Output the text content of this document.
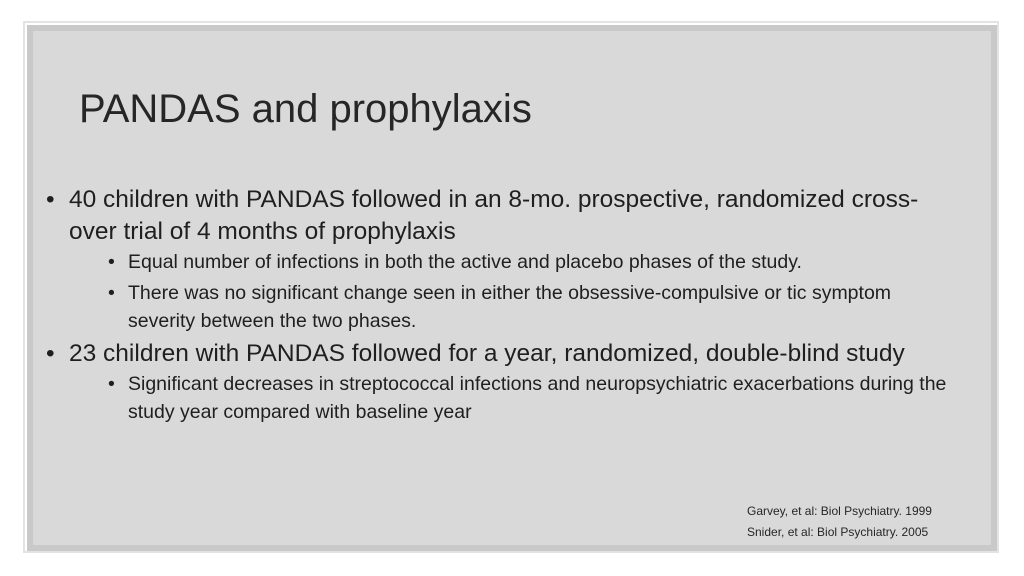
PANDAS and prophylaxis
• 40 children with PANDAS followed in an 8-mo. prospective, randomized cross-over trial of 4 months of prophylaxis
• Equal number of infections in both the active and placebo phases of the study.
• There was no significant change seen in either the obsessive-compulsive or tic symptom severity between the two phases.
• 23 children with PANDAS followed for a year, randomized, double-blind study
• Significant decreases in streptococcal infections and neuropsychiatric exacerbations during the study year compared with baseline year
Garvey, et al: Biol Psychiatry. 1999
Snider, et al: Biol Psychiatry. 2005
